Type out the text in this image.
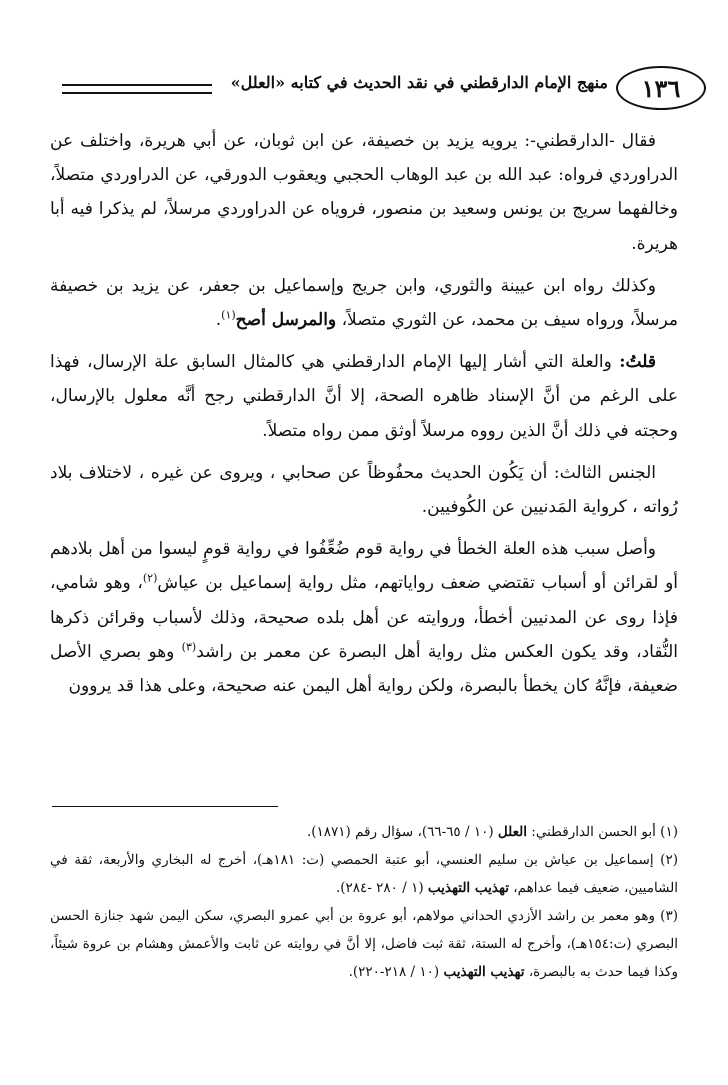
١٣٦
منهج الإمام الدارقطني في نقد الحديث في كتابه «العلل»

فقال -الدارقطني-: يرويه يزيد بن خصيفة، عن ابن ثوبان، عن أبي هريرة، واختلف عن الدراوردي فرواه: عبد الله بن عبد الوهاب الحجبي ويعقوب الدورقي، عن الدراوردي متصلاً، وخالفهما سريج بن يونس وسعيد بن منصور، فروياه عن الدراوردي مرسلاً، لم يذكرا فيه أبا هريرة.

وكذلك رواه ابن عيينة والثوري، وابن جريج وإسماعيل بن جعفر، عن يزيد بن خصيفة مرسلاً، ورواه سيف بن محمد، عن الثوري متصلاً، والمرسل أصح$^{(١)}$.

قلتُ: والعلة التي أشار إليها الإمام الدارقطني هي كالمثال السابق علة الإرسال، فهذا على الرغم من أنَّ الإسناد ظاهره الصحة، إلا أنَّ الدارقطني رجح أنَّه معلول بالإرسال، وحجته في ذلك أنَّ الذين رووه مرسلاً أوثق ممن رواه متصلاً.

الجنس الثالث: أن يَكُون الحديث محفُوظاً عن صحابي ، ويروى عن غيره ، لاختلاف بلاد رُواته ، كرواية المَدنيين عن الكُوفيين.

وأصل سبب هذه العلة الخطأ في رواية قوم ضُعِّفُوا في رواية قومٍ ليسوا من أهل بلادهم أو لقرائن أو أسباب تقتضي ضعف رواياتهم، مثل رواية إسماعيل بن عياش$^{(٢)}$، وهو شامي، فإذا روى عن المدنيين أخطأ، وروايته عن أهل بلده صحيحة، وذلك لأسباب وقرائن ذكرها النُّقاد، وقد يكون العكس مثل رواية أهل البصرة عن معمر بن راشد$^{(٣)}$ وهو بصري الأصل ضعيفة، فإنَّهُ كان يخطأ بالبصرة، ولكن رواية أهل اليمن عنه صحيحة، وعلى هذا قد يروون

(١) أبو الحسن الدارقطني: العلل (١٠ / ٦٥-٦٦)، سؤال رقم (١٨٧١).

(٢) إسماعيل بن عياش بن سليم العنسي، أبو عتبة الحمصي (ت: ١٨١هـ)، أخرج له البخاري والأربعة، ثقة في الشاميين، ضعيف فيما عداهم، تهذيب التهذيب (١ / ٢٨٠ -٢٨٤).

(٣) وهو معمر بن راشد الأزدي الحداني مولاهم، أبو عروة بن أبي عمرو البصري، سكن اليمن شهد جنازة الحسن البصري (ت:١٥٤هـ)، وأخرج له الستة، ثقة ثبت فاضل، إلا أنَّ في روايته عن ثابت والأعمش وهشام بن عروة شيئاً، وكذا فيما حدث به بالبصرة، تهذيب التهذيب (١٠ / ٢١٨-٢٢٠).
